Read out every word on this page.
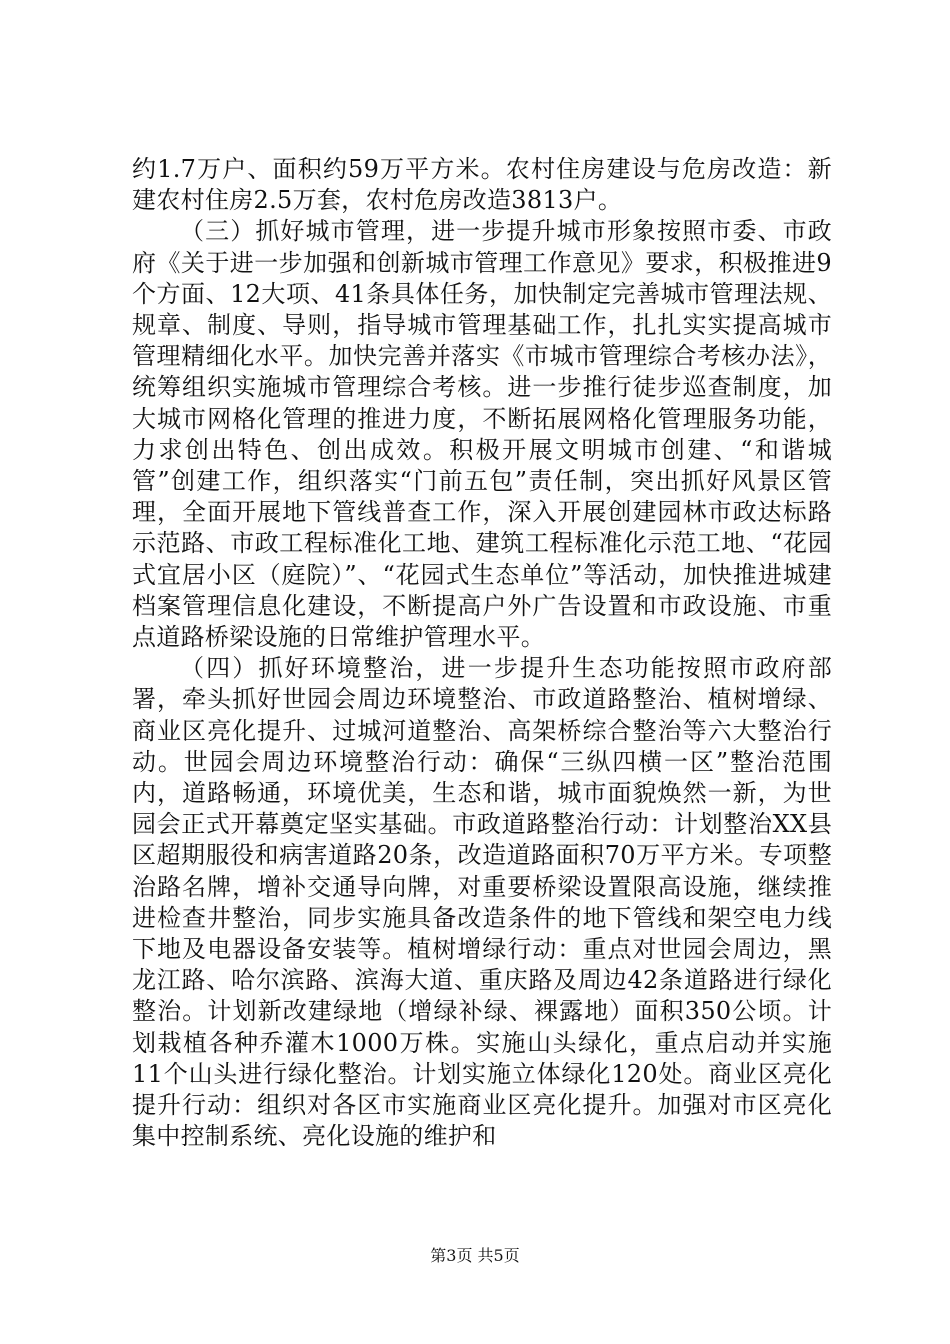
约1.7万户、面积约59万平方米。农村住房建设与危房改造：新建农村住房2.5万套，农村危房改造3813户。

（三）抓好城市管理，进一步提升城市形象按照市委、市政府《关于进一步加强和创新城市管理工作意见》要求，积极推进9个方面、12大项、41条具体任务，加快制定完善城市管理法规、规章、制度、导则，指导城市管理基础工作，扎扎实实提高城市管理精细化水平。加快完善并落实《市城市管理综合考核办法》，统筹组织实施城市管理综合考核。进一步推行徒步巡查制度，加大城市网格化管理的推进力度，不断拓展网格化管理服务功能，力求创出特色、创出成效。积极开展文明城市创建、“和谐城管”创建工作，组织落实“门前五包”责任制，突出抓好风景区管理，全面开展地下管线普查工作，深入开展创建园林市政达标路示范路、市政工程标准化工地、建筑工程标准化示范工地、“花园式宜居小区（庭院）”、“花园式生态单位”等活动，加快推进城建档案管理信息化建设，不断提高户外广告设置和市政设施、市重点道路桥梁设施的日常维护管理水平。

（四）抓好环境整治，进一步提升生态功能按照市政府部署，牵头抓好世园会周边环境整治、市政道路整治、植树增绿、商业区亮化提升、过城河道整治、高架桥综合整治等六大整治行动。世园会周边环境整治行动：确保“三纵四横一区”整治范围内，道路畅通，环境优美，生态和谐，城市面貌焕然一新，为世园会正式开幕奠定坚实基础。市政道路整治行动：计划整治XX县区超期服役和病害道路20条，改造道路面积70万平方米。专项整治路名牌，增补交通导向牌，对重要桥梁设置限高设施，继续推进检查井整治，同步实施具备改造条件的地下管线和架空电力线下地及电器设备安装等。植树增绿行动：重点对世园会周边，黑龙江路、哈尔滨路、滨海大道、重庆路及周边42条道路进行绿化整治。计划新改建绿地（增绿补绿、裸露地）面积350公顷。计划栽植各种乔灌木1000万株。实施山头绿化，重点启动并实施11个山头进行绿化整治。计划实施立体绿化120处。商业区亮化提升行动：组织对各区市实施商业区亮化提升。加强对市区亮化集中控制系统、亮化设施的维护和

第3页 共5页
